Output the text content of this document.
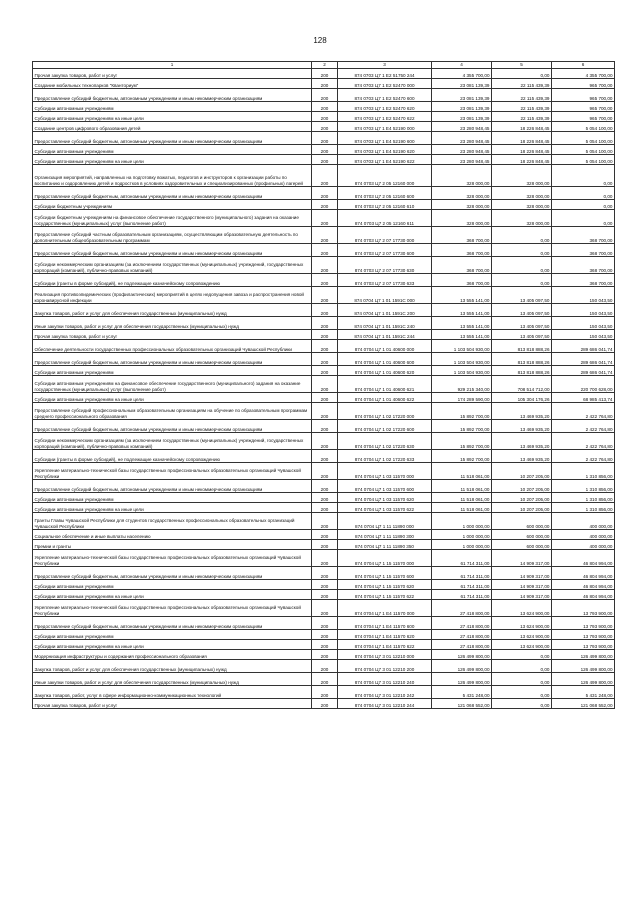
128
1	2	3	4	5	6
Прочая закупка товаров, работ и услуг	200	874 0703 Ц7 1 Е2 51750 244	4 355 700,00	0,00	4 355 700,00
Создание мобильных технопарков "Кванториум"	200	874 0703 Ц7 1 Е2 52470 000	23 081 139,39	22 115 439,39	965 700,00
Предоставление субсидий бюджетным, автономным учреждениям и иным некоммерческим организациям	200	874 0703 Ц7 1 Е2 52470 600	23 081 139,39	22 115 439,39	965 700,00
Субсидии автономным учреждениям	200	874 0703 Ц7 1 Е2 52470 620	23 081 139,39	22 115 439,39	965 700,00
Субсидии автономным учреждениям на иные цели	200	874 0703 Ц7 1 Е2 52470 622	23 081 139,39	22 115 439,39	965 700,00
Создание центров цифрового образования детей	200	874 0703 Ц7 1 Е4 52190 000	23 280 948,45	18 226 848,45	5 054 100,00
Предоставление субсидий бюджетным, автономным учреждениям и иным некоммерческим организациям	200	874 0703 Ц7 1 Е4 52190 600	23 280 948,45	18 226 848,45	5 054 100,00
Субсидии автономным учреждениям	200	874 0703 Ц7 1 Е4 52190 620	23 280 948,45	18 226 848,45	5 054 100,00
Субсидии автономным учреждениям на иные цели	200	874 0703 Ц7 1 Е4 52190 622	23 280 948,45	18 226 848,45	5 054 100,00
Организация мероприятий, направленных на подготовку вожатых, педагогов и инструкторов к организации работы по воспитанию и оздоровлению детей и подростков в условиях оздоровительных и специализированных (профильных) лагерей	200	874 0703 Ц7 2 05 12160 000	328 000,00	328 000,00	0,00
Предоставление субсидий бюджетным, автономным учреждениям и иным некоммерческим организациям	200	874 0703 Ц7 2 05 12160 600	328 000,00	328 000,00	0,00
Субсидии бюджетным учреждениям	200	874 0703 Ц7 2 05 12160 610	328 000,00	328 000,00	0,00
Субсидии бюджетным учреждениям на финансовое обеспечение государственного (муниципального) задания на оказание государственных (муниципальных) услуг (выполнение работ)	200	874 0703 Ц7 2 05 12160 611	328 000,00	328 000,00	0,00
Предоставление субсидий частным образовательным организациям, осуществляющим образовательную деятельность по дополнительным общеобразовательным программам	200	874 0703 Ц7 2 07 17730 000	368 700,00	0,00	368 700,00
Предоставление субсидий бюджетным, автономным учреждениям и иным некоммерческим организациям	200	874 0703 Ц7 2 07 17730 600	368 700,00	0,00	368 700,00
Субсидии некоммерческим организациям (за исключением государственных (муниципальных) учреждений, государственных корпораций (компаний), публично-правовых компаний)	200	874 0703 Ц7 2 07 17730 630	368 700,00	0,00	368 700,00
Субсидии (гранты в форме субсидий), не подлежащие казначейскому сопровождению	200	874 0703 Ц7 2 07 17730 633	368 700,00	0,00	368 700,00
Реализация противоэпидемических (профилактических) мероприятий в целях недопущения завоза и распространения новой коронавирусной инфекции	200	874 0704 Ц7 1 01 1591С 000	13 555 141,00	13 405 097,50	150 043,50
Закупка товаров, работ и услуг для обеспечения государственных (муниципальных) нужд	200	874 0704 Ц7 1 01 1591С 200	13 555 141,00	13 405 097,50	150 043,50
Иные закупки товаров, работ и услуг для обеспечения государственных (муниципальных) нужд	200	874 0704 Ц7 1 01 1591С 240	13 555 141,00	13 405 097,50	150 043,50
Прочая закупка товаров, работ и услуг	200	874 0704 Ц7 1 01 1591С 244	13 555 141,00	13 405 097,50	150 043,50
Обеспечение деятельности государственных профессиональных образовательных организаций Чувашской Республики	200	874 0704 Ц7 1 01 40600 000	1 103 504 930,00	813 818 888,26	289 686 041,74
Предоставление субсидий бюджетным, автономным учреждениям и иным некоммерческим организациям	200	874 0704 Ц7 1 01 40600 600	1 103 504 930,00	813 818 888,26	289 686 041,74
Субсидии автономным учреждениям	200	874 0704 Ц7 1 01 40600 620	1 103 504 930,00	813 818 888,26	289 686 041,74
Субсидии автономным учреждениям на финансовое обеспечение государственного (муниципального) задания на оказание государственных (муниципальных) услуг (выполнение работ)	200	874 0704 Ц7 1 01 40600 621	929 215 340,00	708 514 712,00	220 700 628,00
Субсидии автономным учреждениям на иные цели	200	874 0704 Ц7 1 01 40600 622	174 289 590,00	105 304 176,26	68 985 413,74
Предоставление субсидий профессиональным образовательным организациям на обучение по образовательным программам среднего профессионального образования	200	874 0704 Ц7 1 02 17220 000	15 892 700,00	13 469 935,20	2 422 764,80
Предоставление субсидий бюджетным, автономным учреждениям и иным некоммерческим организациям	200	874 0704 Ц7 1 02 17220 600	15 892 700,00	13 469 935,20	2 422 764,80
Субсидии некоммерческим организациям (за исключением государственных (муниципальных) учреждений, государственных корпораций (компаний), публично-правовых компаний)	200	874 0704 Ц7 1 02 17220 630	15 892 700,00	13 469 935,20	2 422 764,80
Субсидии (гранты в форме субсидий), не подлежащие казначейскому сопровождению	200	874 0704 Ц7 1 02 17220 633	15 892 700,00	13 469 935,20	2 422 764,80
Укрепление материально-технической базы государственных профессиональных образовательных организаций Чувашской Республики	200	874 0704 Ц7 1 03 11570 000	11 518 061,00	10 207 205,00	1 310 856,00
Предоставление субсидий бюджетным, автономным учреждениям и иным некоммерческим организациям	200	874 0704 Ц7 1 03 11570 600	11 518 061,00	10 207 205,00	1 310 856,00
Субсидии автономным учреждениям	200	874 0704 Ц7 1 03 11570 620	11 518 061,00	10 207 205,00	1 310 856,00
Субсидии автономным учреждениям на иные цели	200	874 0704 Ц7 1 03 11570 622	11 518 061,00	10 207 205,00	1 310 856,00
Гранты Главы Чувашской Республики для студентов государственных профессиональных образовательных организаций Чувашской Республики	200	874 0704 Ц7 1 11 11890 000	1 000 000,00	600 000,00	400 000,00
Социальное обеспечение и иные выплаты населению	200	874 0704 Ц7 1 11 11890 300	1 000 000,00	600 000,00	400 000,00
Премии и гранты	200	874 0704 Ц7 1 11 11890 350	1 000 000,00	600 000,00	400 000,00
Укрепление материально-технической базы государственных профессиональных образовательных организаций Чувашской Республики	200	874 0704 Ц7 1 15 11570 000	61 714 311,00	14 909 317,00	46 804 994,00
Предоставление субсидий бюджетным, автономным учреждениям и иным некоммерческим организациям	200	874 0704 Ц7 1 15 11570 600	61 714 311,00	14 909 317,00	46 804 994,00
Субсидии автономным учреждениям	200	874 0704 Ц7 1 15 11570 620	61 714 311,00	14 909 317,00	46 804 994,00
Субсидии автономным учреждениям на иные цели	200	874 0704 Ц7 1 15 11570 622	61 714 311,00	14 909 317,00	46 804 994,00
Укрепление материально-технической базы государственных профессиональных образовательных организаций Чувашской Республики	200	874 0704 Ц7 1 Е4 11570 000	27 418 800,00	13 624 900,00	13 793 900,00
Предоставление субсидий бюджетным, автономным учреждениям и иным некоммерческим организациям	200	874 0704 Ц7 1 Е4 11570 600	27 418 800,00	13 624 900,00	13 793 900,00
Субсидии автономным учреждениям	200	874 0704 Ц7 1 Е4 11570 620	27 418 800,00	13 624 900,00	13 793 900,00
Субсидии автономным учреждениям на иные цели	200	874 0704 Ц7 1 Е4 11570 622	27 418 800,00	13 624 900,00	13 793 900,00
Модернизация инфраструктуры и содержания профессионального образования	200	874 0704 Ц7 3 01 12210 000	126 499 800,00	0,00	126 499 800,00
Закупка товаров, работ и услуг для обеспечения государственных (муниципальных) нужд	200	874 0704 Ц7 3 01 12210 200	126 499 800,00	0,00	126 499 800,00
Иные закупки товаров, работ и услуг для обеспечения государственных (муниципальных) нужд	200	874 0704 Ц7 3 01 12210 240	126 499 800,00	0,00	126 499 800,00
Закупка товаров, работ, услуг в сфере информационно-коммуникационных технологий	200	874 0704 Ц7 3 01 12210 242	5 431 248,00	0,00	5 431 248,00
Прочая закупка товаров, работ и услуг	200	874 0704 Ц7 3 01 12210 244	121 068 552,00	0,00	121 068 552,00
